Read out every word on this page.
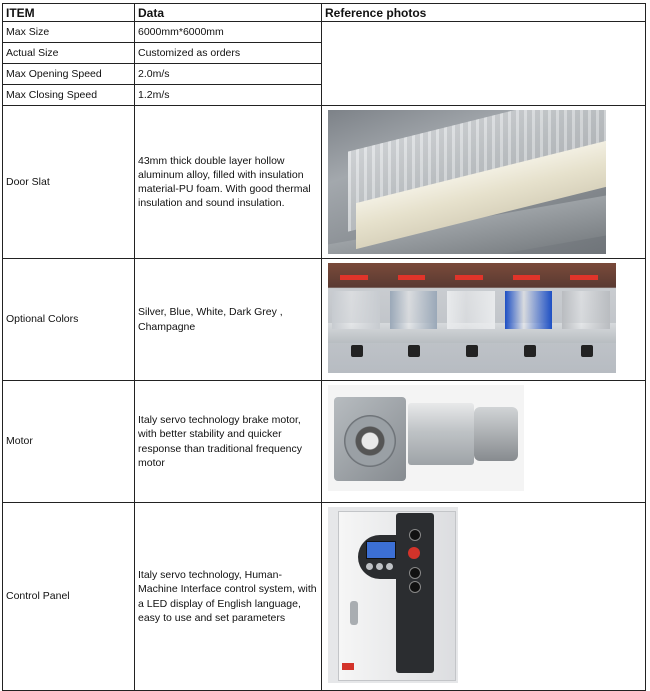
ITEM	Data	Reference photos
Max Size	6000mm*6000mm	
Actual Size	Customized as orders	
Max Opening Speed	2.0m/s	
Max Closing Speed	1.2m/s	
Door Slat	43mm thick double layer hollow aluminum alloy, filled with insulation material-PU foam. With good thermal insulation and sound insulation.	

Optional Colors	Silver, Blue, White, Dark Grey , Champagne	

Motor	Italy servo technology brake motor, with better stability and quicker response than traditional frequency motor	

Control Panel	Italy servo technology, Human-Machine Interface control system, with a LED display of English language, easy to use and set parameters	
